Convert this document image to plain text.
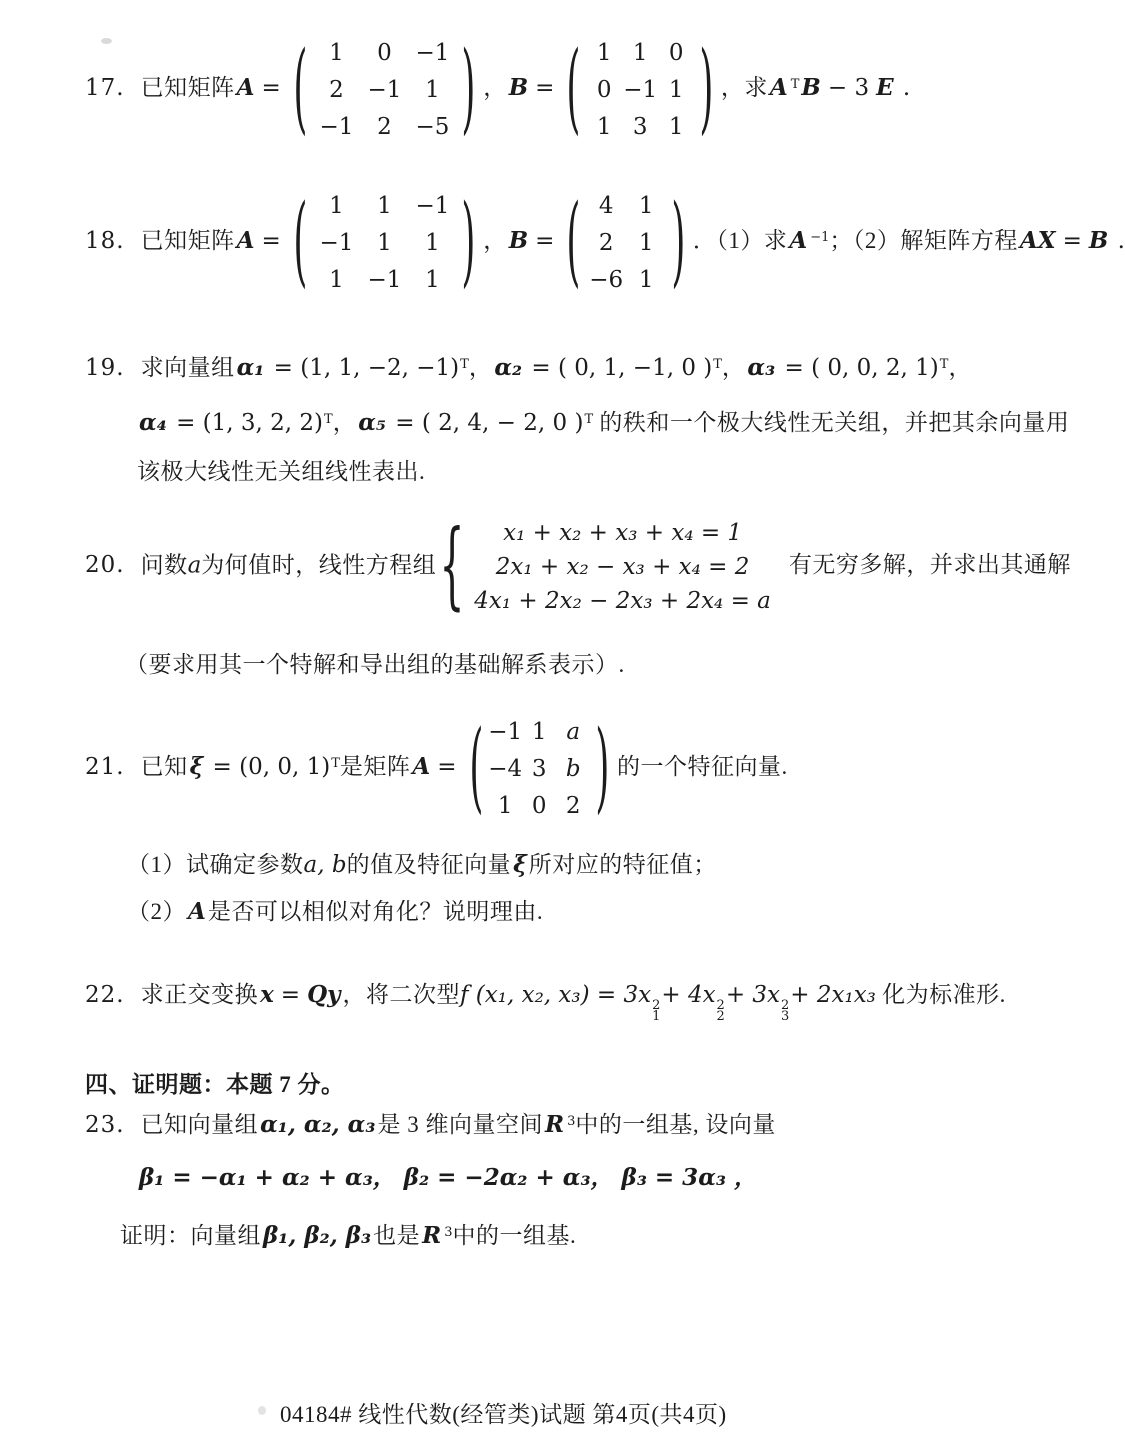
17. 已知矩阵A = ( 1 0 −1
2 −1 1
−1 2 −5 ) ，B = ( 1 1 0
0 −1 1
1 3 1 ) ，求A $^T$B − 3 E .
18. 已知矩阵A = ( 1 1 −1
−1 1 1
1 −1 1 ) ，B = ( 4 1
2 1
−6 1 ) ．（1）求A $^{-1}$；（2）解矩阵方程AX = B .
19. 求向量组α₁ = (1, 1, −2, −1)$^T$，α₂ = ( 0, 1, −1, 0 )$^T$，α₃ = ( 0, 0, 2, 1)$^T$，
α₄ = (1, 3, 2, 2)$^T$，α₅ = ( 2, 4, − 2, 0 )$^T$ 的秩和一个极大线性无关组，并把其余向量用
该极大线性无关组线性表出.
20. 问数a为何值时，线性方程组{ x₁ + x₂ + x₃ + x₄ = 1
2x₁ + x₂ − x₃ + x₄ = 2
4x₁ + 2x₂ − 2x₃ + 2x₄ = a
有无穷多解，并求出其通解
（要求用其一个特解和导出组的基础解系表示）.
21. 已知ξ = (0, 0, 1)$^T$是矩阵A = ( −1 1 a
−4 3 b
1 0 2 ) 的一个特征向量.
（1）试确定参数a, b的值及特征向量ξ所对应的特征值；
（2）A是否可以相似对角化？说明理由.
22. 求正交变换x = Qy，将二次型f (x₁, x₂, x₃) = 3x 2
1
+ 4x 2
2
+ 3x 2
3
+ 2x₁x₃ 化为标准形.
四、证明题：本题 7 分。
23. 已知向量组α₁, α₂, α₃是 3 维向量空间R $^3$中的一组基, 设向量
β₁ = −α₁ + α₂ + α₃， β₂ = −2α₂ + α₃， β₃ = 3α₃ ，
证明：向量组β₁, β₂, β₃也是R $^3$中的一组基.
04184# 线性代数(经管类)试题 第4页(共4页)
